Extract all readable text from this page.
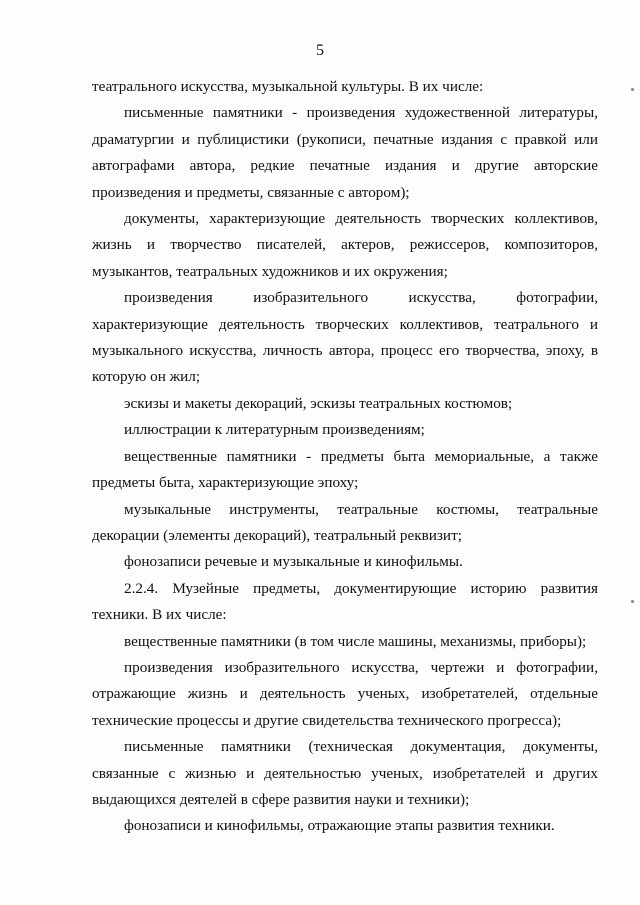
5

театрального искусства, музыкальной культуры. В их числе:

письменные памятники - произведения художественной литературы, драматургии и публицистики (рукописи, печатные издания с правкой или автографами автора, редкие печатные издания и другие авторские произведения и предметы, связанные с автором);

документы, характеризующие деятельность творческих коллективов, жизнь и творчество писателей, актеров, режиссеров, композиторов, музыкантов, театральных художников и их окружения;

произведения изобразительного искусства, фотографии, характеризующие деятельность творческих коллективов, театрального и музыкального искусства, личность автора, процесс его творчества, эпоху, в которую он жил;

эскизы и макеты декораций, эскизы театральных костюмов;

иллюстрации к литературным произведениям;

вещественные памятники - предметы быта мемориальные, а также предметы быта, характеризующие эпоху;

музыкальные инструменты, театральные костюмы, театральные декорации (элементы декораций), театральный реквизит;

фонозаписи речевые и музыкальные и кинофильмы.

2.2.4. Музейные предметы, документирующие историю развития техники. В их числе:

вещественные памятники (в том числе машины, механизмы, приборы);

произведения изобразительного искусства, чертежи и фотографии, отражающие жизнь и деятельность ученых, изобретателей, отдельные технические процессы и другие свидетельства технического прогресса);

письменные памятники (техническая документация, документы, связанные с жизнью и деятельностью ученых, изобретателей и других выдающихся деятелей в сфере развития науки и техники);

фонозаписи и кинофильмы, отражающие этапы развития техники.
